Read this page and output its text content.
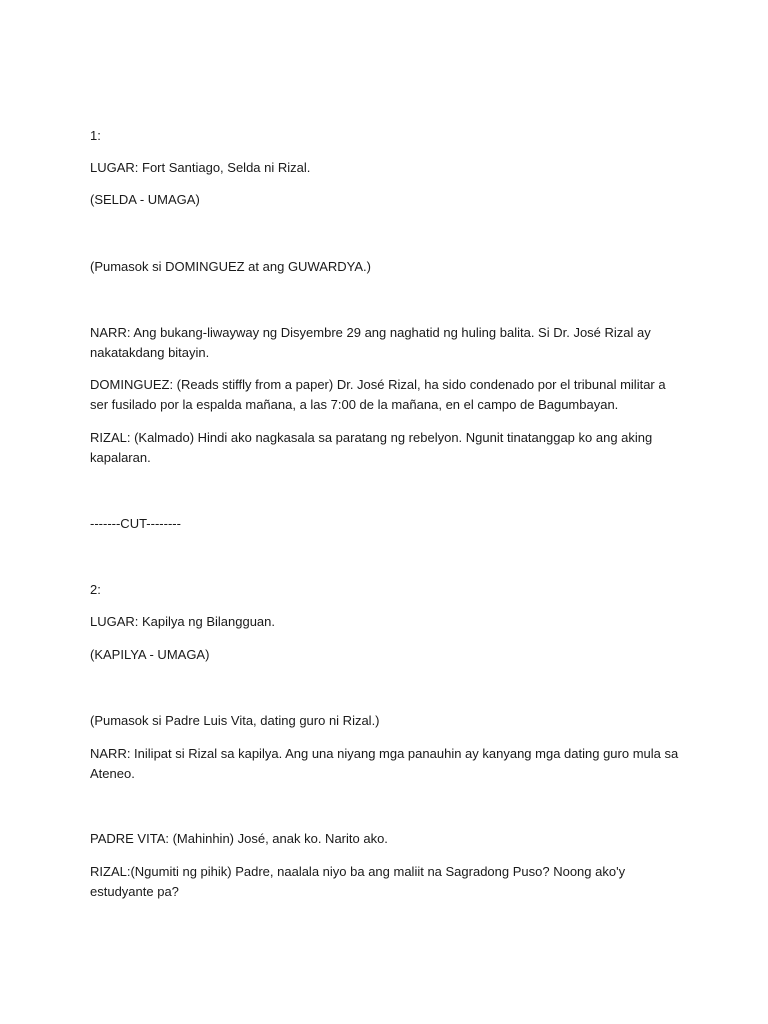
1:

LUGAR: Fort Santiago, Selda ni Rizal.

(SELDA - UMAGA)

(Pumasok si DOMINGUEZ at ang GUWARDYA.)

NARR: Ang bukang-liwayway ng Disyembre 29 ang naghatid ng huling balita. Si Dr. José Rizal ay nakatakdang bitayin.

DOMINGUEZ: (Reads stiffly from a paper) Dr. José Rizal, ha sido condenado por el tribunal militar a ser fusilado por la espalda mañana, a las 7:00 de la mañana, en el campo de Bagumbayan.

RIZAL: (Kalmado) Hindi ako nagkasala sa paratang ng rebelyon. Ngunit tinatanggap ko ang aking kapalaran.

-------CUT--------

2:

LUGAR: Kapilya ng Bilangguan.

(KAPILYA - UMAGA)

(Pumasok si Padre Luis Vita, dating guro ni Rizal.)

NARR: Inilipat si Rizal sa kapilya. Ang una niyang mga panauhin ay kanyang mga dating guro mula sa Ateneo.

PADRE VITA: (Mahinhin) José, anak ko. Narito ako.

RIZAL:(Ngumiti ng pihik) Padre, naalala niyo ba ang maliit na Sagradong Puso? Noong ako'y estudyante pa?
